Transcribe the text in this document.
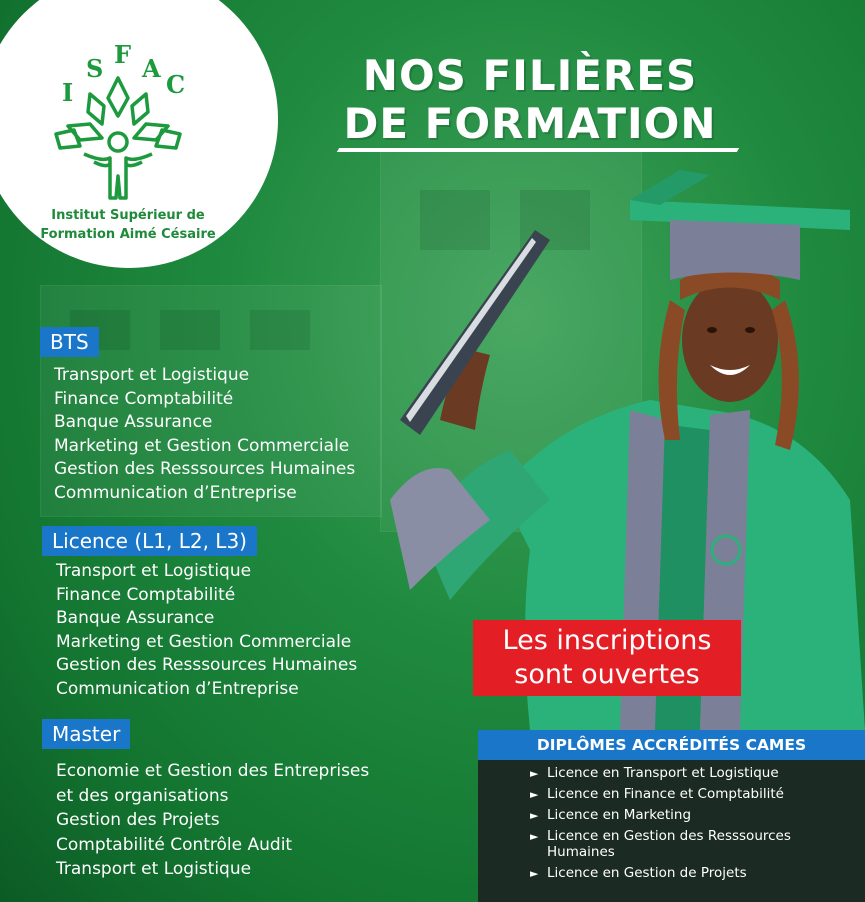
I
S F A
C
Institut Supérieur de
Formation Aimé Césaire
NOS FILIÈRES
DE FORMATION
BTS
Transport et Logistique
Finance Comptabilité
Banque Assurance
Marketing et Gestion Commerciale
Gestion des Resssources Humaines
Communication d’Entreprise
Licence (L1, L2, L3)
Transport et Logistique
Finance Comptabilité
Banque Assurance
Marketing et Gestion Commerciale
Gestion des Resssources Humaines
Communication d’Entreprise
Master
Economie et Gestion des Entreprises
et des organisations
Gestion des Projets
Comptabilité Contrôle Audit
Transport et Logistique
Les inscriptions
sont ouvertes
DIPLÔMES ACCRÉDITÉS CAMES
► Licence en Transport et Logistique
► Licence en Finance et Comptabilité
► Licence en Marketing
► Licence en Gestion des Resssources Humaines
► Licence en Gestion de Projets
